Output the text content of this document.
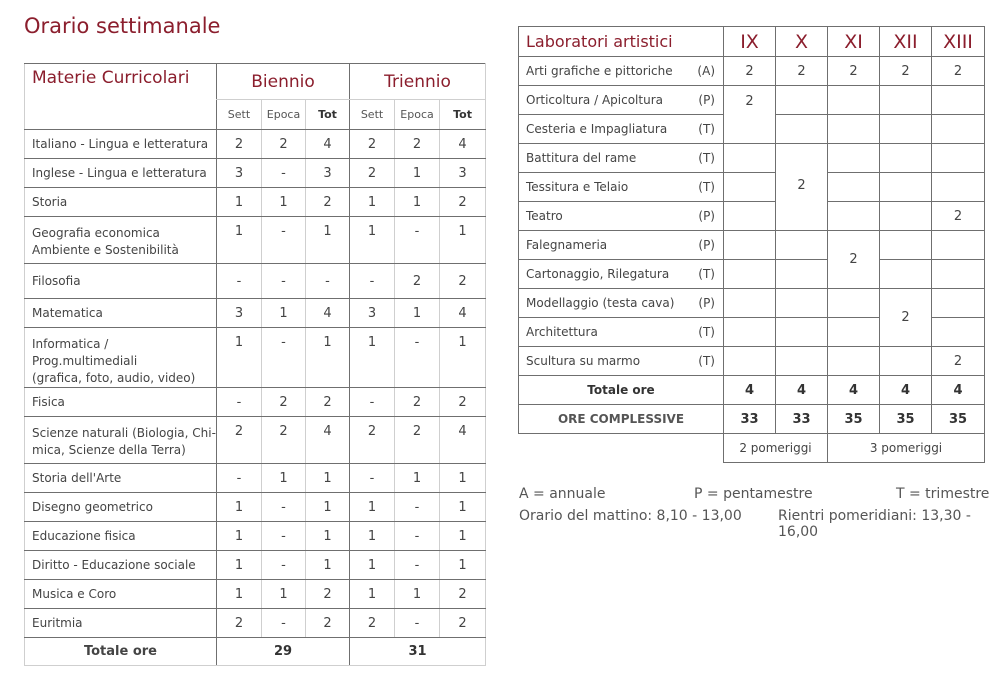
Orario settimanale
Materie Curricolari	Biennio			Triennio		
	Sett	Epoca	Tot	Sett	Epoca	Tot

Italiano - Lingua e letteratura	2	2	4	2	2	4

Inglese - Lingua e letteratura	3	-	3	2	1	3

Storia	1	1	2	1	1	2

Geografia economica
Ambiente e Sostenibilità	1	-	1	1	-	1

Filosofia	-	-	-	-	2	2

Matematica	3	1	4	3	1	4

Informatica / Prog.multimediali
(grafica, foto, audio, video)	1	-	1	1	-	1

Fisica	-	2	2	-	2	2

Scienze naturali (Biologia, Chi-
mica, Scienze della Terra)	2	2	4	2	2	4

Storia dell'Arte	-	1	1	-	1	1

Disegno geometrico	1	-	1	1	-	1

Educazione fisica	1	-	1	1	-	1

Diritto - Educazione sociale	1	-	1	1	-	1

Musica e Coro	1	1	2	1	1	2

Euritmia	2	-	2	2	-	2
Totale ore	29			31		
Laboratori artistici		IX	X	XI	XII	XIII
Arti grafiche e pittoriche	(A)	2	2	2	2	2
Orticoltura / Apicoltura	(P)	2				
Cesteria e Impagliatura	(T)					
Battitura del rame	(T)		2			
Tessitura e Telaio	(T)					
Teatro	(P)					2
Falegnameria	(P)			2		
Cartonaggio, Rilegatura	(T)					
Modellaggio (testa cava)	(P)				2	
Architettura	(T)					
Scultura su marmo	(T)					2
Totale ore		4	4	4	4	4
ORE COMPLESSIVE		33	33	35	35	35
		2 pomeriggi		3 pomeriggi		
A = annuale	P = pentamestre	T = trimestre
Orario del mattino: 8,10 - 13,00	Rientri pomeridiani: 13,30 - 16,00
